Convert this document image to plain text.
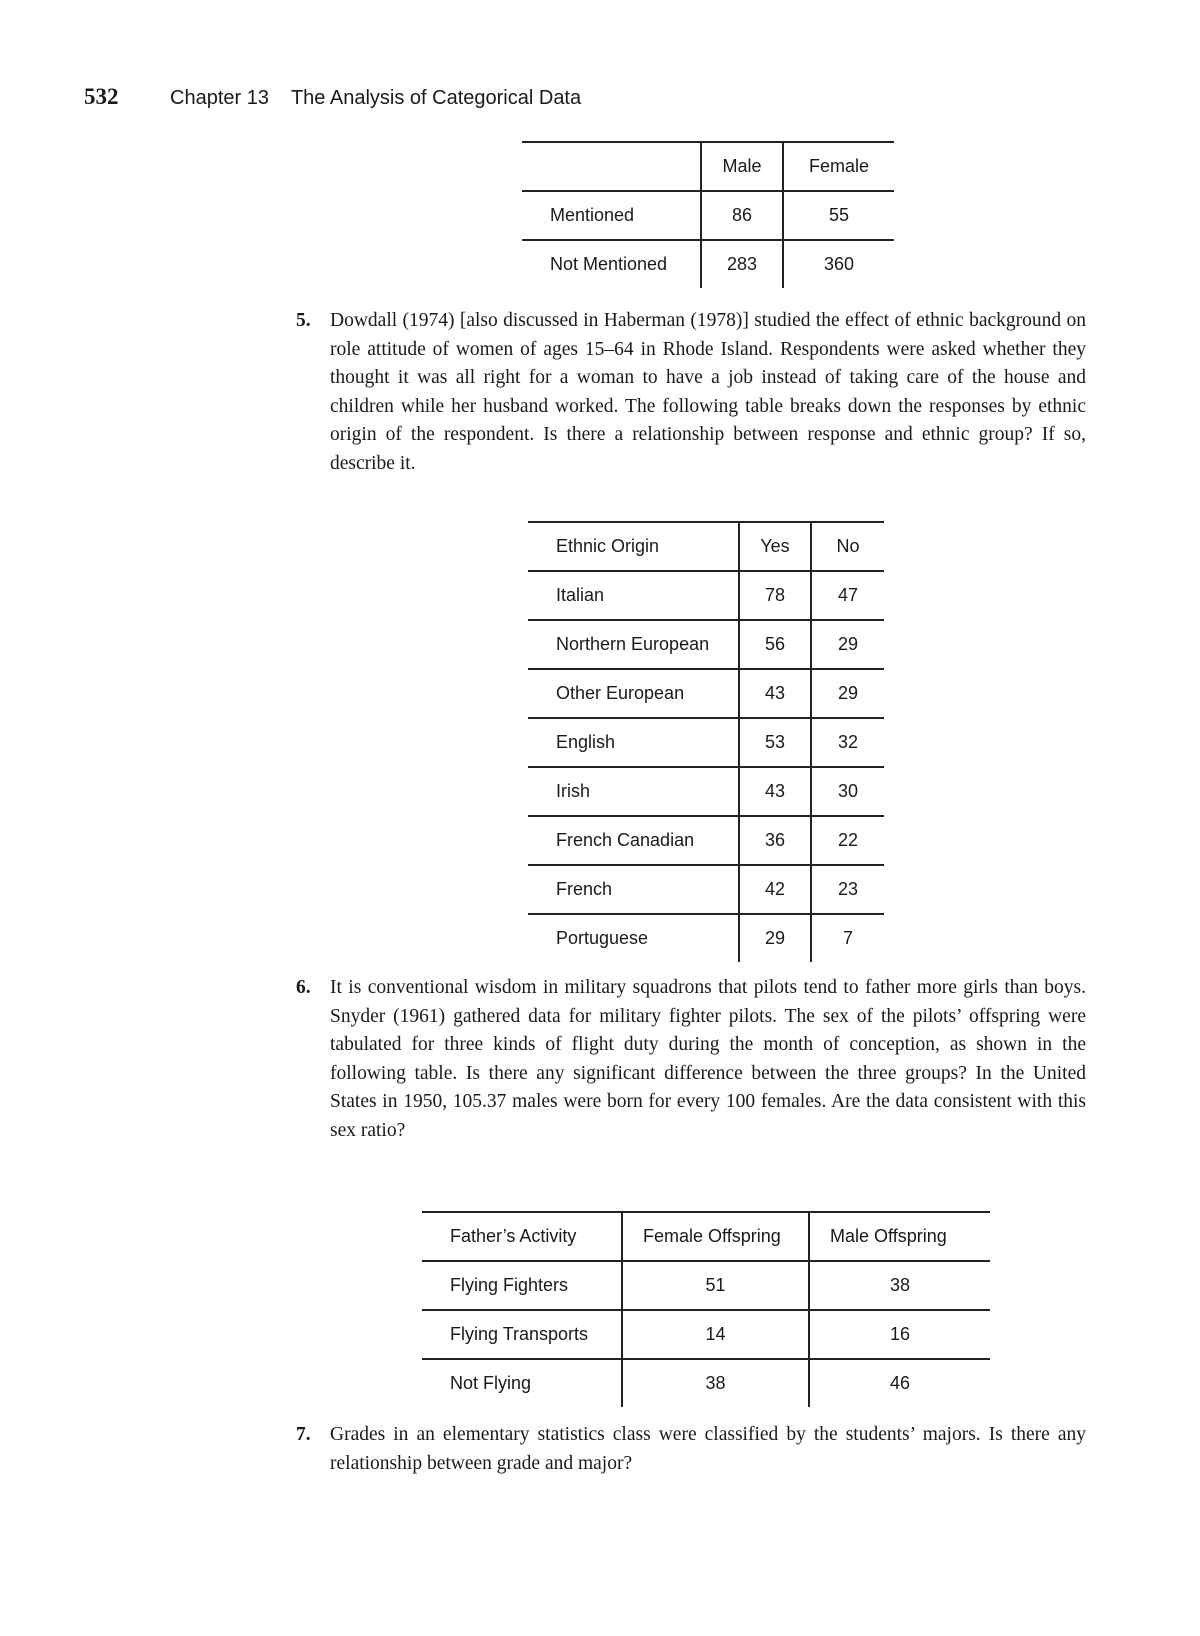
532	Chapter 13 The Analysis of Categorical Data
	Male	Female
Mentioned	86	55
Not Mentioned	283	360
5. Dowdall (1974) [also discussed in Haberman (1978)] studied the effect of ethnic background on role attitude of women of ages 15–64 in Rhode Island. Respondents were asked whether they thought it was all right for a woman to have a job instead of taking care of the house and children while her husband worked. The following table breaks down the responses by ethnic origin of the respondent. Is there a relationship between response and ethnic group? If so, describe it.
Ethnic Origin	Yes	No
Italian	78	47
Northern European	56	29
Other European	43	29
English	53	32
Irish	43	30
French Canadian	36	22
French	42	23
Portuguese	29	7
6. It is conventional wisdom in military squadrons that pilots tend to father more girls than boys. Snyder (1961) gathered data for military fighter pilots. The sex of the pilots’ offspring were tabulated for three kinds of flight duty during the month of conception, as shown in the following table. Is there any significant difference between the three groups? In the United States in 1950, 105.37 males were born for every 100 females. Are the data consistent with this sex ratio?
Father’s Activity	Female Offspring	Male Offspring
Flying Fighters	51	38
Flying Transports	14	16
Not Flying	38	46
7. Grades in an elementary statistics class were classified by the students’ majors. Is there any relationship between grade and major?
